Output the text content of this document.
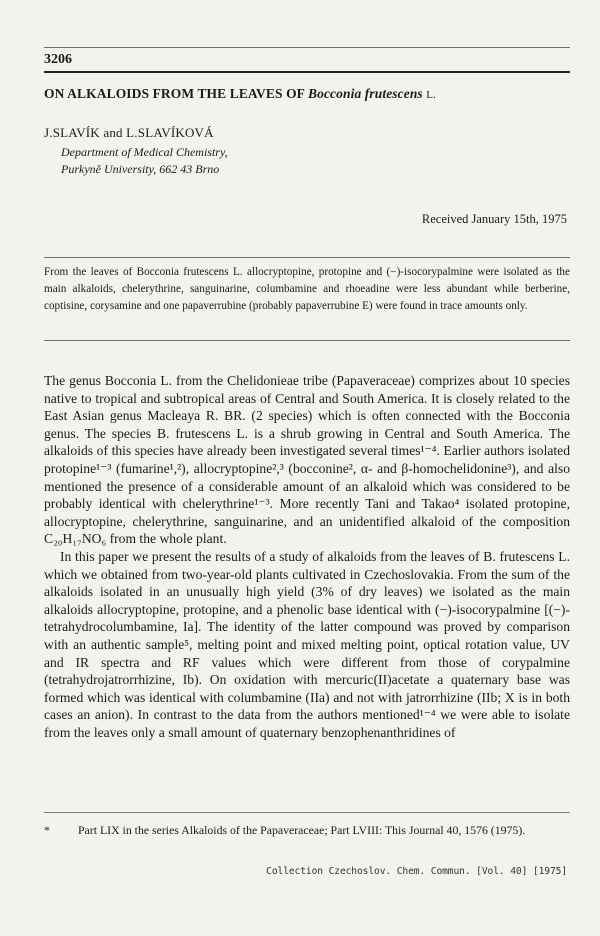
3206
ON ALKALOIDS FROM THE LEAVES OF Bocconia frutescens L.
J.SLAVÍK and L.SLAVÍKOVÁ
Department of Medical Chemistry,
Purkyně University, 662 43 Brno
Received January 15th, 1975
From the leaves of Bocconia frutescens L. allocryptopine, protopine and (−)-isocorypalmine were isolated as the main alkaloids, chelerythrine, sanguinarine, columbamine and rhoeadine were less abundant while berberine, coptisine, corysamine and one papaverrubine (probably papaverrubine E) were found in trace amounts only.

The genus Bocconia L. from the Chelidonieae tribe (Papaveraceae) comprizes about 10 species native to tropical and subtropical areas of Central and South America. It is closely related to the East Asian genus Macleaya R. BR. (2 species) which is often connected with the Bocconia genus. The species B. frutescens L. is a shrub growing in Central and South America. The alkaloids of this species have already been investigated several times¹⁻⁴. Earlier authors isolated protopine¹⁻³ (fumarine¹,²), allocryptopine²,³ (bocconine², α- and β-homochelidonine³), and also mentioned the presence of a considerable amount of an alkaloid which was considered to be probably identical with chelerythrine¹⁻³. More recently Tani and Takao⁴ isolated protopine, allocryptopine, chelerythrine, sanguinarine, and an unidentified alkaloid of the composition C₂₀H₁₇NO₆ from the whole plant.

In this paper we present the results of a study of alkaloids from the leaves of B. frutescens L. which we obtained from two-year-old plants cultivated in Czechoslovakia. From the sum of the alkaloids isolated in an unusually high yield (3% of dry leaves) we isolated as the main alkaloids allocryptopine, protopine, and a phenolic base identical with (−)-isocorypalmine [(−)-tetrahydrocolumbamine, Ia]. The identity of the latter compound was proved by comparison with an authentic sample⁵, melting point and mixed melting point, optical rotation value, UV and IR spectra and RF values which were different from those of corypalmine (tetrahydrojatrorrhizine, Ib). On oxidation with mercuric(II)acetate a quaternary base was formed which was identical with columbamine (IIa) and not with jatrorrhizine (IIb; X is in both cases an anion). In contrast to the data from the authors mentioned¹⁻⁴ we were able to isolate from the leaves only a small amount of quaternary benzophenanthridines of

* Part LIX in the series Alkaloids of the Papaveraceae; Part LVIII: This Journal 40, 1576 (1975).
Collection Czechoslov. Chem. Commun. [Vol. 40] [1975]
